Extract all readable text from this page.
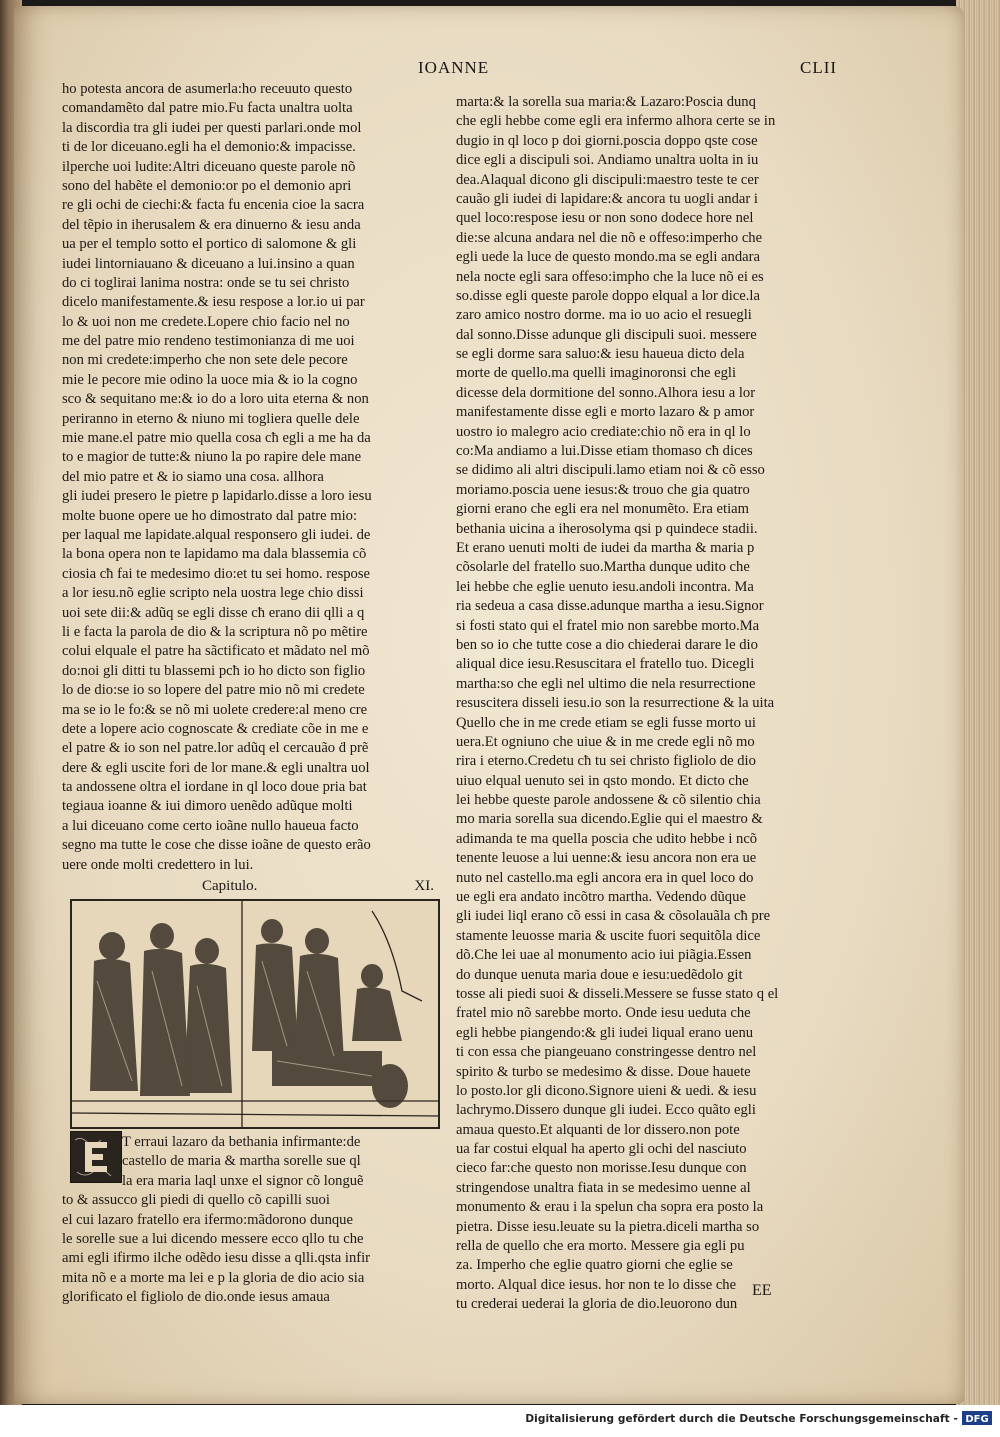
IOANNE	CLII
ho potesta ancora de asumerla:ho receuuto questo
comandamẽto dal patre mio.Fu facta unaltra uolta
la discordia tra gli iudei per questi parlari.onde mol
ti de lor diceuano.egli ha el demonio:& impacisse.
ilperche uoi ludite:Altri diceuano queste parole nõ
sono del habẽte el demonio:or po el demonio apri
re gli ochi de ciechi:& facta fu encenia cioe la sacra
del tẽpio in iherusalem & era dinuerno & iesu anda
ua per el templo sotto el portico di salomone & gli
iudei lintorniauano & diceuano a lui.insino a quan
do ci toglirai lanima nostra: onde se tu sei christo
dicelo manifestamente.& iesu respose a lor.io ui par
lo & uoi non me credete.Lopere chio facio nel no
me del patre mio rendeno testimonianza di me uoi
non mi credete:imperho che non sete dele pecore
mie le pecore mie odino la uoce mia & io la cogno
sco & sequitano me:& io do a loro uita eterna & non
periranno in eterno & niuno mi togliera quelle dele
mie mane.el patre mio quella cosa cħ egli a me ha da
to e magior de tutte:& niuno la po rapire dele mane
del mio patre et & io siamo una cosa. allhora
gli iudei presero le pietre p lapidarlo.disse a loro iesu
molte buone opere ue ho dimostrato dal patre mio:
per laqual me lapidate.alqual responsero gli iudei. de
la bona opera non te lapidamo ma dala blassemia cõ
ciosia cħ fai te medesimo dio:et tu sei homo. respose
a lor iesu.nõ eglie scripto nela uostra lege chio dissi
uoi sete dii:& adũq se egli disse cħ erano dii qlli a q
li e facta la parola de dio & la scriptura nõ po mẽtire
colui elquale el patre ha sãctificato et mãdato nel mõ
do:noi gli ditti tu blassemi pcħ io ho dicto son figlio
lo de dio:se io so lopere del patre mio nõ mi credete
ma se io le fo:& se nõ mi uolete credere:al meno cre
dete a lopere acio cognoscate & crediate cõe in me e
el patre & io son nel patre.lor adũq el cercauão ḋ prẽ
dere & egli uscite fori de lor mane.& egli unaltra uol
ta andossene oltra el iordane in ql loco doue pria bat
tegiaua ioanne & iui dimoro uenẽdo adũque molti
a lui diceuano come certo ioãne nullo haueua facto
segno ma tutte le cose che disse ioãne de questo erão
uere onde molti credettero in lui.
Capitulo.	XI.
T erraui lazaro da bethania infirmante:de
castello de maria & martha sorelle sue ql
la era maria laql unxe el signor cõ longuẽ
to & assucco gli piedi di quello cõ capilli suoi
el cui lazaro fratello era ifermo:mãdorono dunque
le sorelle sue a lui dicendo messere ecco qllo tu che
ami egli ifirmo ilche odẽdo iesu disse a qlli.qsta infir
mita nõ e a morte ma lei e p la gloria de dio acio sia
glorificato el figliolo de dio.onde iesus amaua
marta:& la sorella sua maria:& Lazaro:Poscia dunq
che egli hebbe come egli era infermo alhora certe se in
dugio in ql loco p doi giorni.poscia doppo qste cose
dice egli a discipuli soi. Andiamo unaltra uolta in iu
dea.Alaqual dicono gli discipuli:maestro teste te cer
cauão gli iudei di lapidare:& ancora tu uogli andar i
quel loco:respose iesu or non sono dodece hore nel
die:se alcuna andara nel die nõ e offeso:imperho che
egli uede la luce de questo mondo.ma se egli andara
nela nocte egli sara offeso:impho che la luce nõ ei es
so.disse egli queste parole doppo elqual a lor dice.la
zaro amico nostro dorme. ma io uo acio el resuegli
dal sonno.Disse adunque gli discipuli suoi. messere
se egli dorme sara saluo:& iesu haueua dicto dela
morte de quello.ma quelli imaginoronsi che egli
dicesse dela dormitione del sonno.Alhora iesu a lor
manifestamente disse egli e morto lazaro & p amor
uostro io malegro acio crediate:chio nõ era in ql lo
co:Ma andiamo a lui.Disse etiam thomaso cħ dices
se didimo ali altri discipuli.lamo etiam noi & cõ esso
moriamo.poscia uene iesus:& trouo che gia quatro
giorni erano che egli era nel monumẽto. Era etiam
bethania uicina a iherosolyma qsi p quindece stadii.
Et erano uenuti molti de iudei da martha & maria p
cõsolarle del fratello suo.Martha dunque udito che
lei hebbe che eglie uenuto iesu.andoli incontra. Ma
ria sedeua a casa disse.adunque martha a iesu.Signor
si fosti stato qui el fratel mio non sarebbe morto.Ma
ben so io che tutte cose a dio chiederai darare le dio
aliqual dice iesu.Resuscitara el fratello tuo. Dicegli
martha:so che egli nel ultimo die nela resurrectione
resuscitera disseli iesu.io son la resurrectione & la uita
Quello che in me crede etiam se egli fusse morto ui
uera.Et ogniuno che uiue & in me crede egli nõ mo
rira i eterno.Credetu cħ tu sei christo figliolo de dio
uiuo elqual uenuto sei in qsto mondo. Et dicto che
lei hebbe queste parole andossene & cõ silentio chia
mo maria sorella sua dicendo.Eglie qui el maestro &
adimanda te ma quella poscia che udito hebbe i ncõ
tenente leuose a lui uenne:& iesu ancora non era ue
nuto nel castello.ma egli ancora era in quel loco do
ue egli era andato incõtro martha. Vedendo dũque
gli iudei liql erano cõ essi in casa & cõsolauãla cħ pre
stamente leuosse maria & uscite fuori sequitõla dice
dõ.Che lei uae al monumento acio iui piãgia.Essen
do dunque uenuta maria doue e iesu:uedẽdolo git
tosse ali piedi suoi & disseli.Messere se fusse stato q el
fratel mio nõ sarebbe morto. Onde iesu ueduta che
egli hebbe piangendo:& gli iudei liqual erano uenu
ti con essa che piangeuano constringesse dentro nel
spirito & turbo se medesimo & disse. Doue hauete
lo posto.lor gli dicono.Signore uieni & uedi. & iesu
lachrymo.Dissero dunque gli iudei. Ecco quãto egli
amaua questo.Et alquanti de lor dissero.non pote
ua far costui elqual ha aperto gli ochi del nasciuto
cieco far:che questo non morisse.Iesu dunque con
stringendose unaltra fiata in se medesimo uenne al
monumento & erau i la spelun cha sopra era posto la
pietra. Disse iesu.leuate su la pietra.diceli martha so
rella de quello che era morto. Messere gia egli pu
za. Imperho che eglie quatro giorni che eglie se
morto. Alqual dice iesus. hor non te lo disse che
tu crederai uederai la gloria de dio.leuorono dun
EE
Digitalisierung gefördert durch die Deutsche Forschungsgemeinschaft - DFG
